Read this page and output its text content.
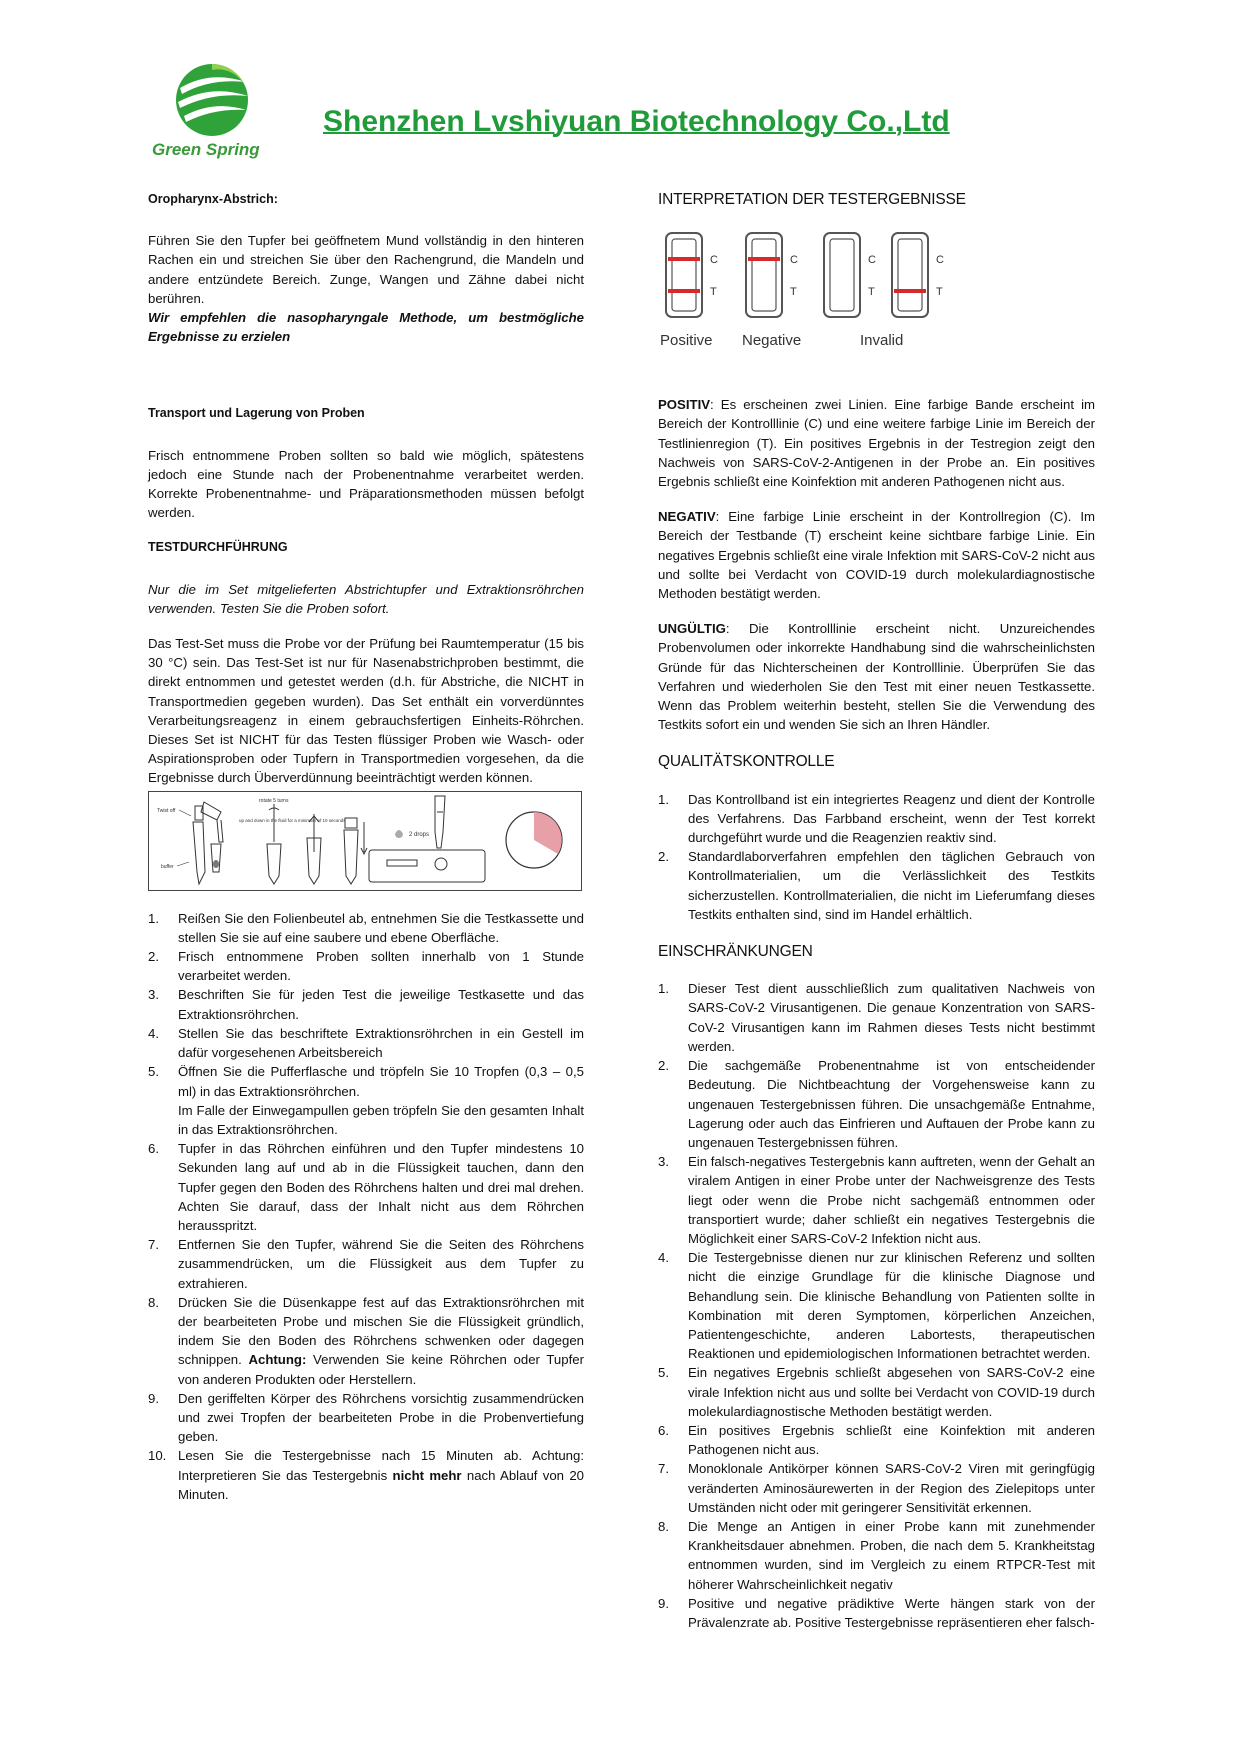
Green Spring
Shenzhen Lvshiyuan Biotechnology Co.,Ltd
Oropharynx-Abstrich:
Führen Sie den Tupfer bei geöffnetem Mund vollständig in den hinteren Rachen ein und streichen Sie über den Rachengrund, die Mandeln und andere entzündete Bereich. Zunge, Wangen und Zähne dabei nicht berühren.
Wir empfehlen die nasopharyngale Methode, um bestmögliche Ergebnisse zu erzielen
Transport und Lagerung von Proben
Frisch entnommene Proben sollten so bald wie möglich, spätestens jedoch eine Stunde nach der Probenentnahme verarbeitet werden. Korrekte Probenentnahme- und Präparationsmethoden müssen befolgt werden.
TESTDURCHFÜHRUNG
Nur die im Set mitgelieferten Abstrichtupfer und Extraktionsröhrchen verwenden. Testen Sie die Proben sofort.
Das Test-Set muss die Probe vor der Prüfung bei Raumtemperatur (15 bis 30 °C) sein. Das Test-Set ist nur für Nasenabstrichproben bestimmt, die direkt entnommen und getestet werden (d.h. für Abstriche, die NICHT in Transportmedien gegeben wurden). Das Set enthält ein vorverdünntes Verarbeitungsreagenz in einem gebrauchsfertigen Einheits-Röhrchen. Dieses Set ist NICHT für das Testen flüssiger Proben wie Wasch- oder Aspirationsproben oder Tupfern in Transportmedien vorgesehen, da die Ergebnisse durch Überverdünnung beeinträchtigt werden können.
Twist off
buffer
rotate 5 turns
up and down in the fluid for a minimum of 10 seconds
2 drops
1. Reißen Sie den Folienbeutel ab, entnehmen Sie die Testkassette und stellen Sie sie auf eine saubere und ebene Oberfläche.
2. Frisch entnommene Proben sollten innerhalb von 1 Stunde verarbeitet werden.
3. Beschriften Sie für jeden Test die jeweilige Testkasette und das Extraktionsröhrchen.
4. Stellen Sie das beschriftete Extraktionsröhrchen in ein Gestell im dafür vorgesehenen Arbeitsbereich
5. Öffnen Sie die Pufferflasche und tröpfeln Sie 10 Tropfen (0,3 – 0,5 ml) in das Extraktionsröhrchen.
Im Falle der Einwegampullen geben tröpfeln Sie den gesamten Inhalt in das Extraktionsröhrchen.
6. Tupfer in das Röhrchen einführen und den Tupfer mindestens 10 Sekunden lang auf und ab in die Flüssigkeit tauchen, dann den Tupfer gegen den Boden des Röhrchens halten und drei mal drehen. Achten Sie darauf, dass der Inhalt nicht aus dem Röhrchen herausspritzt.
7. Entfernen Sie den Tupfer, während Sie die Seiten des Röhrchens zusammendrücken, um die Flüssigkeit aus dem Tupfer zu extrahieren.
8. Drücken Sie die Düsenkappe fest auf das Extraktionsröhrchen mit der bearbeiteten Probe und mischen Sie die Flüssigkeit gründlich, indem Sie den Boden des Röhrchens schwenken oder dagegen schnippen. Achtung: Verwenden Sie keine Röhrchen oder Tupfer von anderen Produkten oder Herstellern.
9. Den geriffelten Körper des Röhrchens vorsichtig zusammendrücken und zwei Tropfen der bearbeiteten Probe in die Probenvertiefung geben.
10. Lesen Sie die Testergebnisse nach 15 Minuten ab. Achtung: Interpretieren Sie das Testergebnis nicht mehr nach Ablauf von 20 Minuten.
INTERPRETATION DER TESTERGEBNISSE
C
T
Positive
C
T
Negative
C
T
C
T
Invalid
POSITIV: Es erscheinen zwei Linien. Eine farbige Bande erscheint im Bereich der Kontrolllinie (C) und eine weitere farbige Linie im Bereich der Testlinienregion (T). Ein positives Ergebnis in der Testregion zeigt den Nachweis von SARS-CoV-2-Antigenen in der Probe an. Ein positives Ergebnis schließt eine Koinfektion mit anderen Pathogenen nicht aus.
NEGATIV: Eine farbige Linie erscheint in der Kontrollregion (C). Im Bereich der Testbande (T) erscheint keine sichtbare farbige Linie. Ein negatives Ergebnis schließt eine virale Infektion mit SARS-CoV-2 nicht aus und sollte bei Verdacht von COVID-19 durch molekulardiagnostische Methoden bestätigt werden.
UNGÜLTIG: Die Kontrolllinie erscheint nicht. Unzureichendes Probenvolumen oder inkorrekte Handhabung sind die wahrscheinlichsten Gründe für das Nichterscheinen der Kontrolllinie. Überprüfen Sie das Verfahren und wiederholen Sie den Test mit einer neuen Testkassette. Wenn das Problem weiterhin besteht, stellen Sie die Verwendung des Testkits sofort ein und wenden Sie sich an Ihren Händler.
QUALITÄTSKONTROLLE
1. Das Kontrollband ist ein integriertes Reagenz und dient der Kontrolle des Verfahrens. Das Farbband erscheint, wenn der Test korrekt durchgeführt wurde und die Reagenzien reaktiv sind.
2. Standardlaborverfahren empfehlen den täglichen Gebrauch von Kontrollmaterialien, um die Verlässlichkeit des Testkits sicherzustellen. Kontrollmaterialien, die nicht im Lieferumfang dieses Testkits enthalten sind, sind im Handel erhältlich.
EINSCHRÄNKUNGEN
1. Dieser Test dient ausschließlich zum qualitativen Nachweis von SARS-CoV-2 Virusantigenen. Die genaue Konzentration von SARS-CoV-2 Virusantigen kann im Rahmen dieses Tests nicht bestimmt werden.
2. Die sachgemäße Probenentnahme ist von entscheidender Bedeutung. Die Nichtbeachtung der Vorgehensweise kann zu ungenauen Testergebnissen führen. Die unsachgemäße Entnahme, Lagerung oder auch das Einfrieren und Auftauen der Probe kann zu ungenauen Testergebnissen führen.
3. Ein falsch-negatives Testergebnis kann auftreten, wenn der Gehalt an viralem Antigen in einer Probe unter der Nachweisgrenze des Tests liegt oder wenn die Probe nicht sachgemäß entnommen oder transportiert wurde; daher schließt ein negatives Testergebnis die Möglichkeit einer SARS-CoV-2 Infektion nicht aus.
4. Die Testergebnisse dienen nur zur klinischen Referenz und sollten nicht die einzige Grundlage für die klinische Diagnose und Behandlung sein. Die klinische Behandlung von Patienten sollte in Kombination mit deren Symptomen, körperlichen Anzeichen, Patientengeschichte, anderen Labortests, therapeutischen Reaktionen und epidemiologischen Informationen betrachtet werden.
5. Ein negatives Ergebnis schließt abgesehen von SARS-CoV-2 eine virale Infektion nicht aus und sollte bei Verdacht von COVID-19 durch molekulardiagnostische Methoden bestätigt werden.
6. Ein positives Ergebnis schließt eine Koinfektion mit anderen Pathogenen nicht aus.
7. Monoklonale Antikörper können SARS-CoV-2 Viren mit geringfügig veränderten Aminosäurewerten in der Region des Zielepitops unter Umständen nicht oder mit geringerer Sensitivität erkennen.
8. Die Menge an Antigen in einer Probe kann mit zunehmender Krankheitsdauer abnehmen. Proben, die nach dem 5. Krankheitstag entnommen wurden, sind im Vergleich zu einem RTPCR-Test mit höherer Wahrscheinlichkeit negativ
9. Positive und negative prädiktive Werte hängen stark von der Prävalenzrate ab. Positive Testergebnisse repräsentieren eher falsch-
